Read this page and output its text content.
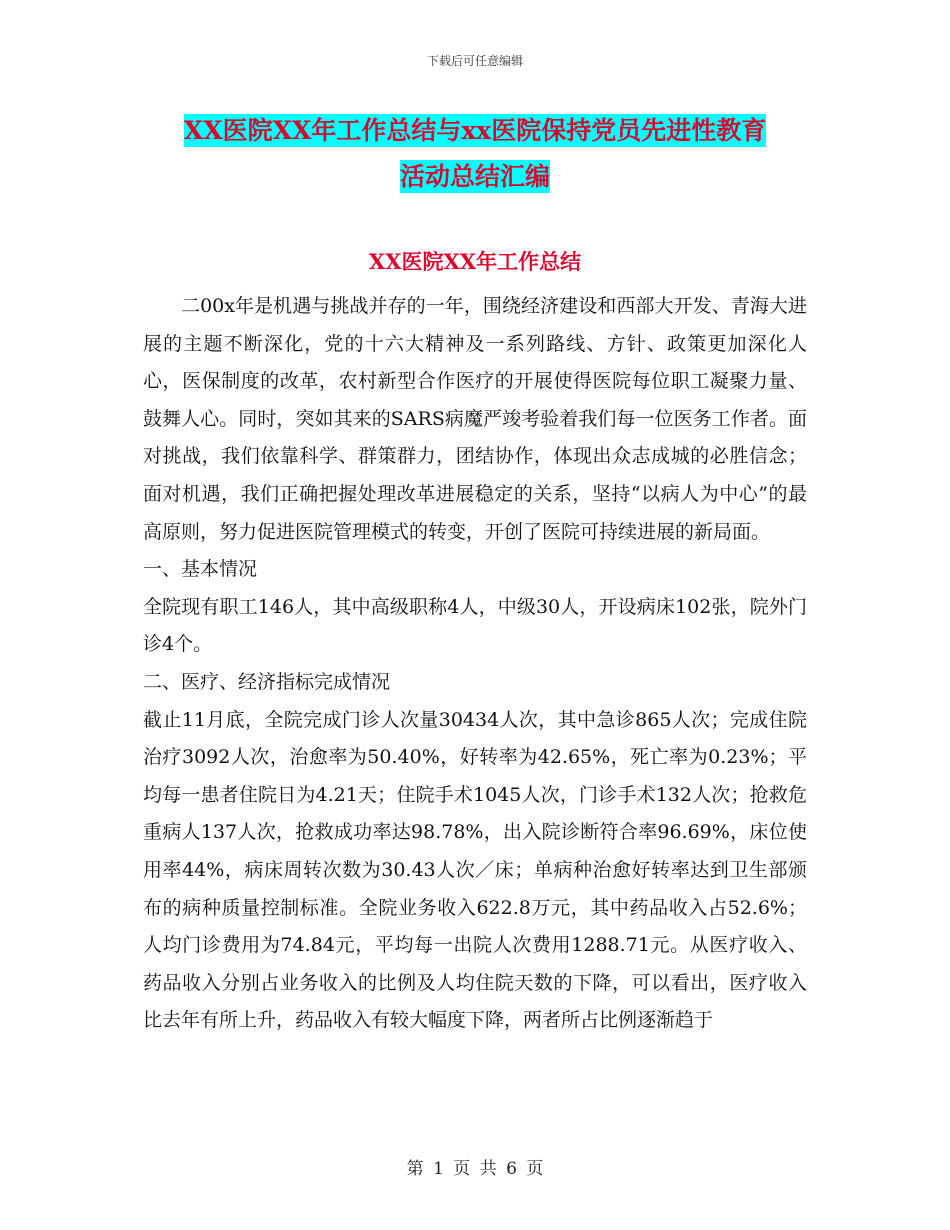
下载后可任意编辑
XX医院XX年工作总结与xx医院保持党员先进性教育
活动总结汇编
XX医院XX年工作总结

二00x年是机遇与挑战并存的一年，围绕经济建设和西部大开发、青海大进展的主题不断深化，党的十六大精神及一系列路线、方针、政策更加深化人心，医保制度的改革，农村新型合作医疗的开展使得医院每位职工凝聚力量、鼓舞人心。同时，突如其来的SARS病魔严竣考验着我们每一位医务工作者。面对挑战，我们依靠科学、群策群力，团结协作，体现出众志成城的必胜信念；面对机遇，我们正确把握处理改革进展稳定的关系，坚持“以病人为中心”的最高原则，努力促进医院管理模式的转变，开创了医院可持续进展的新局面。

一、基本情况

全院现有职工146人，其中高级职称4人，中级30人，开设病床102张，院外门诊4个。

二、医疗、经济指标完成情况

截止11月底，全院完成门诊人次量30434人次，其中急诊865人次；完成住院治疗3092人次，治愈率为50.40%，好转率为42.65%，死亡率为0.23%；平均每一患者住院日为4.21天；住院手术1045人次，门诊手术132人次；抢救危重病人137人次，抢救成功率达98.78%，出入院诊断符合率96.69%，床位使用率44%，病床周转次数为30.43人次／床；单病种治愈好转率达到卫生部颁布的病种质量控制标准。全院业务收入622.8万元，其中药品收入占52.6%；人均门诊费用为74.84元，平均每一出院人次费用1288.71元。从医疗收入、药品收入分别占业务收入的比例及人均住院天数的下降，可以看出，医疗收入比去年有所上升，药品收入有较大幅度下降，两者所占比例逐渐趋于

第 1 页 共 6 页
